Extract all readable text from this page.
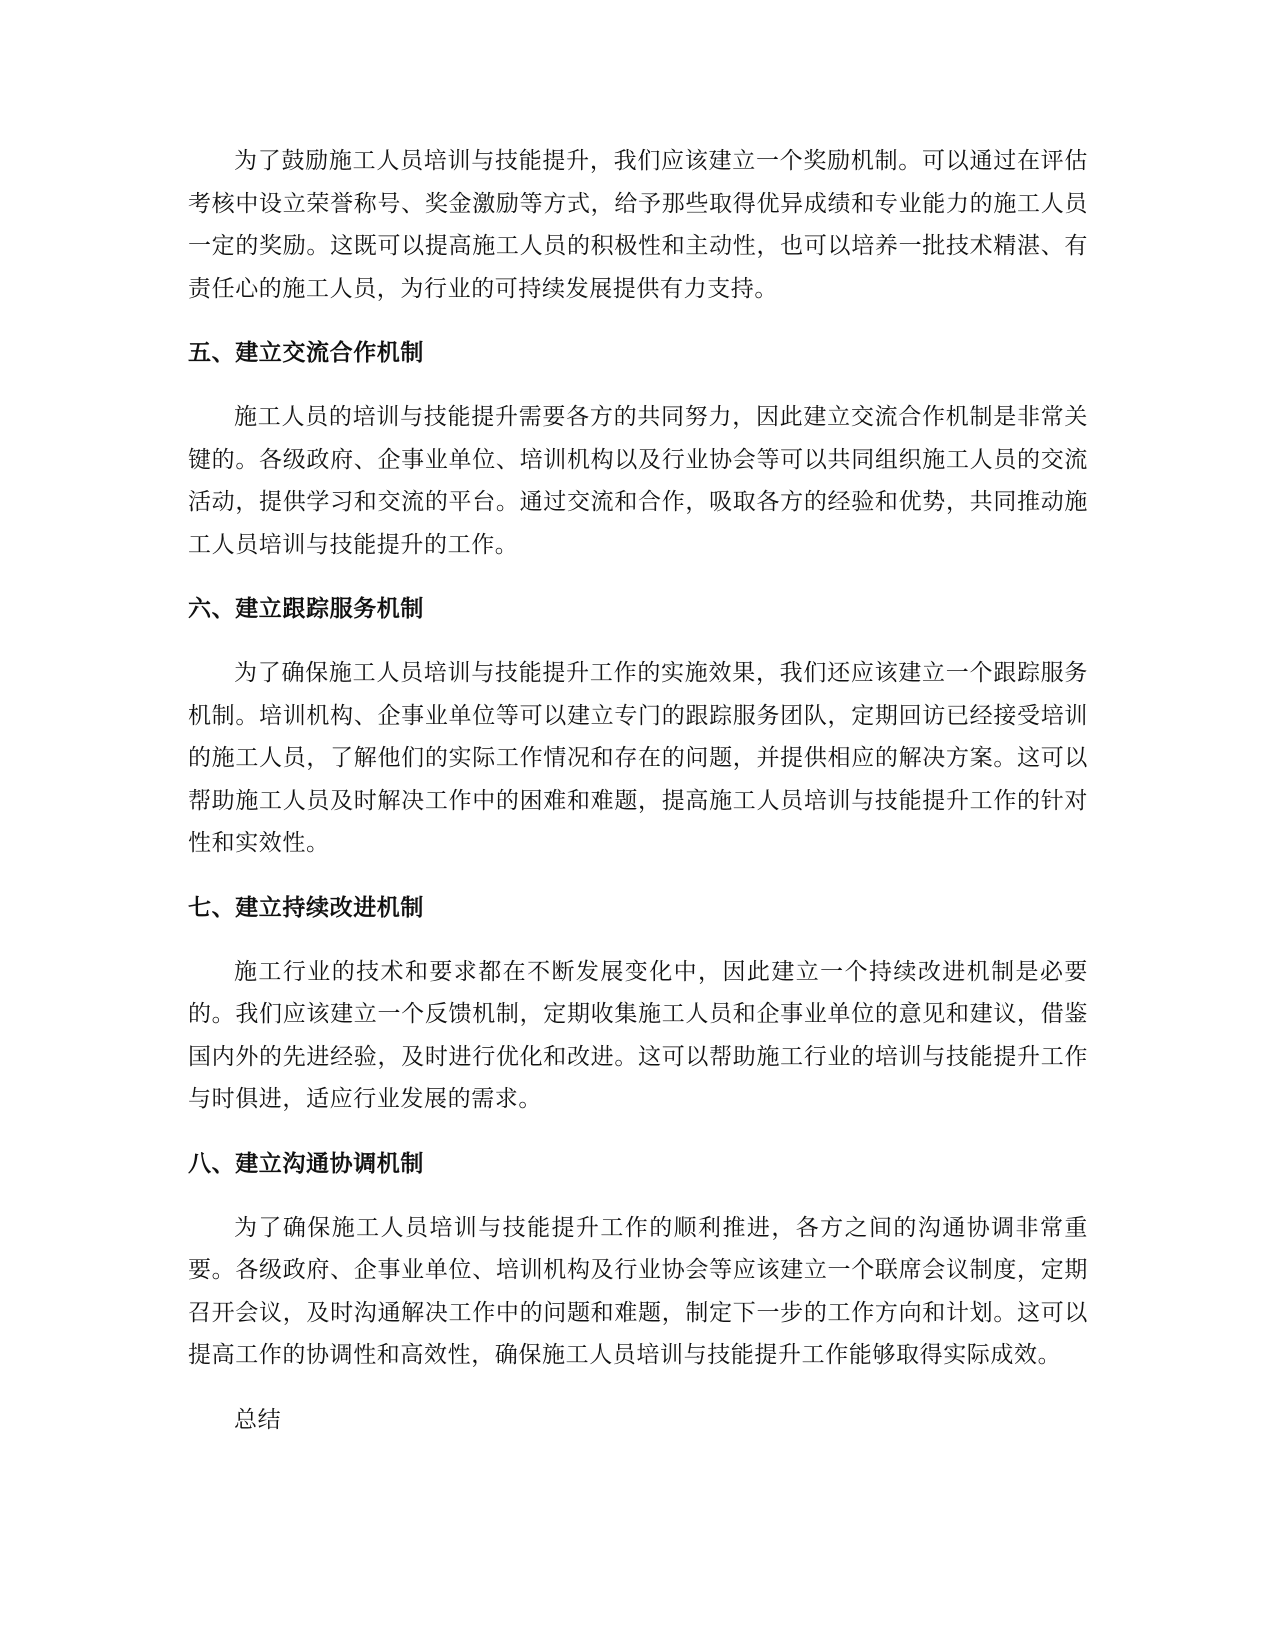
为了鼓励施工人员培训与技能提升，我们应该建立一个奖励机制。可以通过在评估考核中设立荣誉称号、奖金激励等方式，给予那些取得优异成绩和专业能力的施工人员一定的奖励。这既可以提高施工人员的积极性和主动性，也可以培养一批技术精湛、有责任心的施工人员，为行业的可持续发展提供有力支持。

五、建立交流合作机制

施工人员的培训与技能提升需要各方的共同努力，因此建立交流合作机制是非常关键的。各级政府、企事业单位、培训机构以及行业协会等可以共同组织施工人员的交流活动，提供学习和交流的平台。通过交流和合作，吸取各方的经验和优势，共同推动施工人员培训与技能提升的工作。

六、建立跟踪服务机制

为了确保施工人员培训与技能提升工作的实施效果，我们还应该建立一个跟踪服务机制。培训机构、企事业单位等可以建立专门的跟踪服务团队，定期回访已经接受培训的施工人员，了解他们的实际工作情况和存在的问题，并提供相应的解决方案。这可以帮助施工人员及时解决工作中的困难和难题，提高施工人员培训与技能提升工作的针对性和实效性。

七、建立持续改进机制

施工行业的技术和要求都在不断发展变化中，因此建立一个持续改进机制是必要的。我们应该建立一个反馈机制，定期收集施工人员和企事业单位的意见和建议，借鉴国内外的先进经验，及时进行优化和改进。这可以帮助施工行业的培训与技能提升工作与时俱进，适应行业发展的需求。

八、建立沟通协调机制

为了确保施工人员培训与技能提升工作的顺利推进，各方之间的沟通协调非常重要。各级政府、企事业单位、培训机构及行业协会等应该建立一个联席会议制度，定期召开会议，及时沟通解决工作中的问题和难题，制定下一步的工作方向和计划。这可以提高工作的协调性和高效性，确保施工人员培训与技能提升工作能够取得实际成效。

总结
